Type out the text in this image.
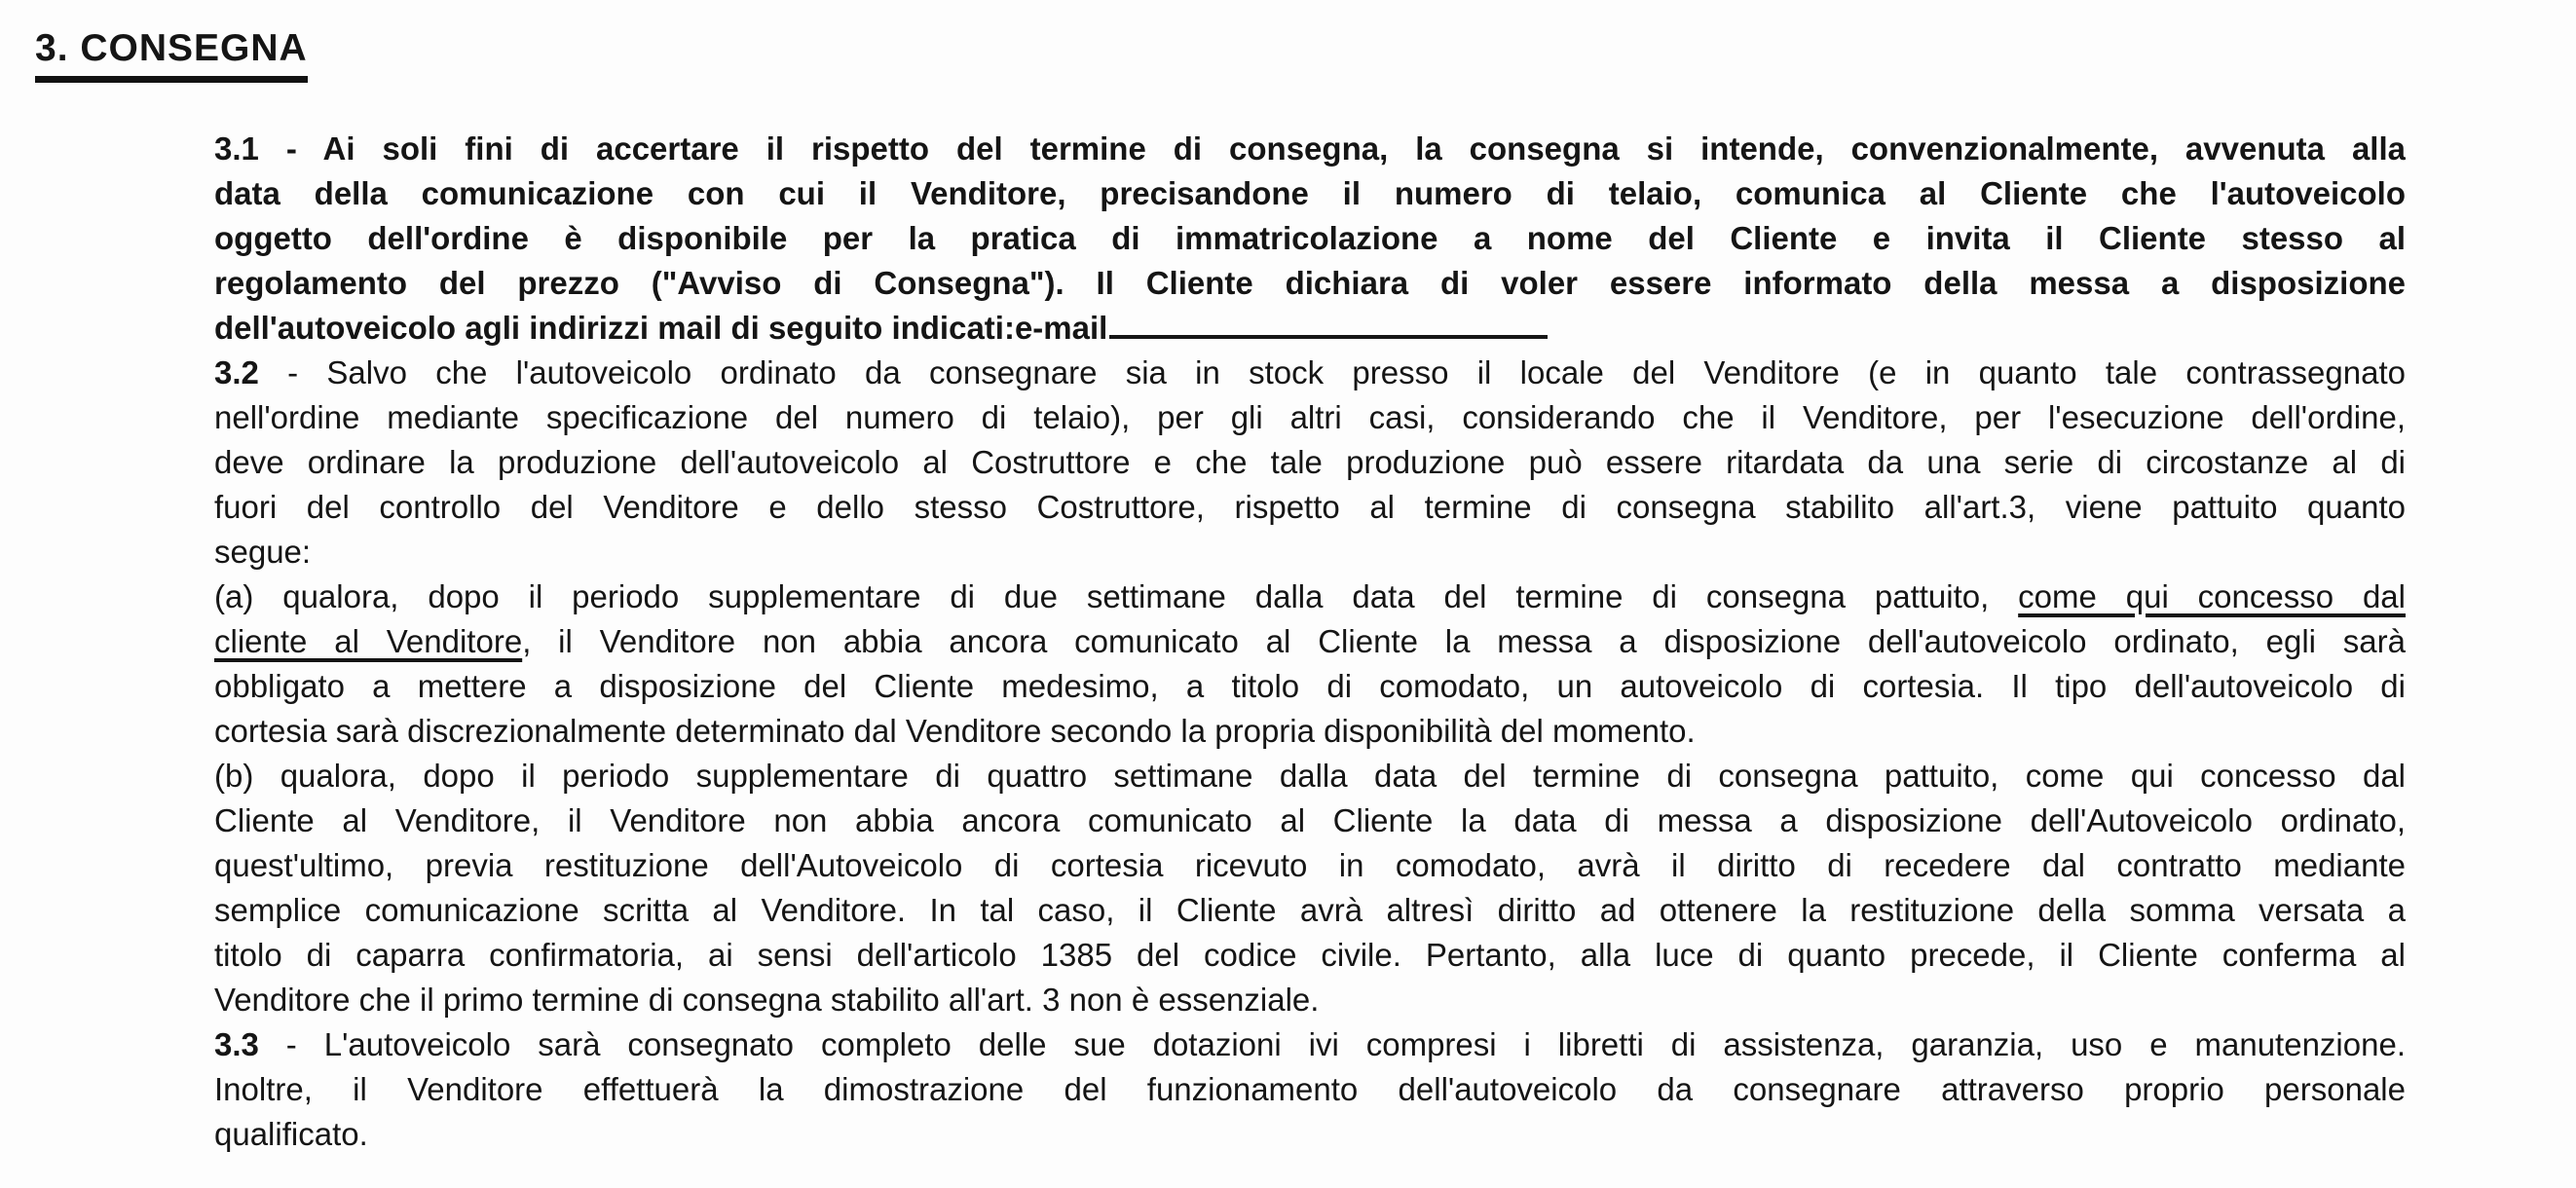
3. CONSEGNA
3.1 - Ai soli fini di accertare il rispetto del termine di consegna, la consegna si intende, convenzionalmente, avvenuta alla
data della comunicazione con cui il Venditore, precisandone il numero di telaio, comunica al Cliente che l'autoveicolo
oggetto dell'ordine è disponibile per la pratica di immatricolazione a nome del Cliente e invita il Cliente stesso al
regolamento del prezzo ("Avviso di Consegna"). Il Cliente dichiara di voler essere informato della messa a disposizione
dell'autoveicolo agli indirizzi mail di seguito indicati:e-mail
3.2 - Salvo che l'autoveicolo ordinato da consegnare sia in stock presso il locale del Venditore (e in quanto tale contrassegnato
nell'ordine mediante specificazione del numero di telaio), per gli altri casi, considerando che il Venditore, per l'esecuzione dell'ordine,
deve ordinare la produzione dell'autoveicolo al Costruttore e che tale produzione può essere ritardata da una serie di circostanze al di
fuori del controllo del Venditore e dello stesso Costruttore, rispetto al termine di consegna stabilito all'art.3, viene pattuito quanto
segue:
(a) qualora, dopo il periodo supplementare di due settimane dalla data del termine di consegna pattuito, come qui concesso dal
cliente al Venditore, il Venditore non abbia ancora comunicato al Cliente la messa a disposizione dell'autoveicolo ordinato, egli sarà
obbligato a mettere a disposizione del Cliente medesimo, a titolo di comodato, un autoveicolo di cortesia. Il tipo dell'autoveicolo di
cortesia sarà discrezionalmente determinato dal Venditore secondo la propria disponibilità del momento.
(b) qualora, dopo il periodo supplementare di quattro settimane dalla data del termine di consegna pattuito, come qui concesso dal
Cliente al Venditore, il Venditore non abbia ancora comunicato al Cliente la data di messa a disposizione dell'Autoveicolo ordinato,
quest'ultimo, previa restituzione dell'Autoveicolo di cortesia ricevuto in comodato, avrà il diritto di recedere dal contratto mediante
semplice comunicazione scritta al Venditore. In tal caso, il Cliente avrà altresì diritto ad ottenere la restituzione della somma versata a
titolo di caparra confirmatoria, ai sensi dell'articolo 1385 del codice civile. Pertanto, alla luce di quanto precede, il Cliente conferma al
Venditore che il primo termine di consegna stabilito all'art. 3 non è essenziale.
3.3 - L'autoveicolo sarà consegnato completo delle sue dotazioni ivi compresi i libretti di assistenza, garanzia, uso e manutenzione.
Inoltre, il Venditore effettuerà la dimostrazione del funzionamento dell'autoveicolo da consegnare attraverso proprio personale
qualificato.
